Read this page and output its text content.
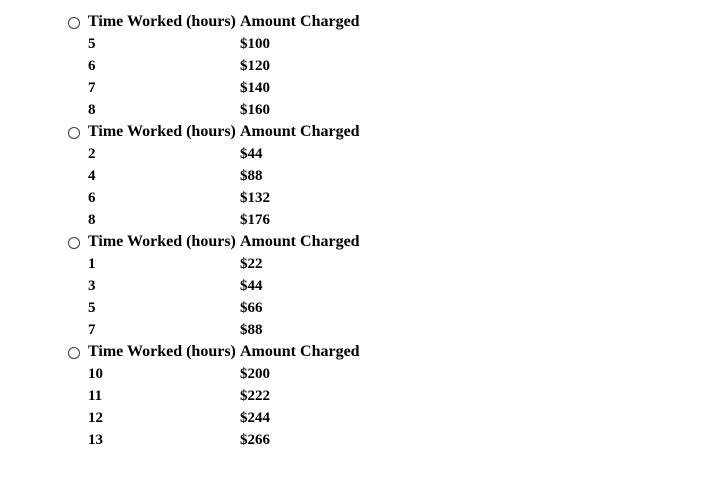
Time Worked (hours)	Amount Charged
5	$100
6	$120
7	$140
8	$160
Time Worked (hours)	Amount Charged
2	$44
4	$88
6	$132
8	$176
Time Worked (hours)	Amount Charged
1	$22
3	$44
5	$66
7	$88
Time Worked (hours)	Amount Charged
10	$200
11	$222
12	$244
13	$266
